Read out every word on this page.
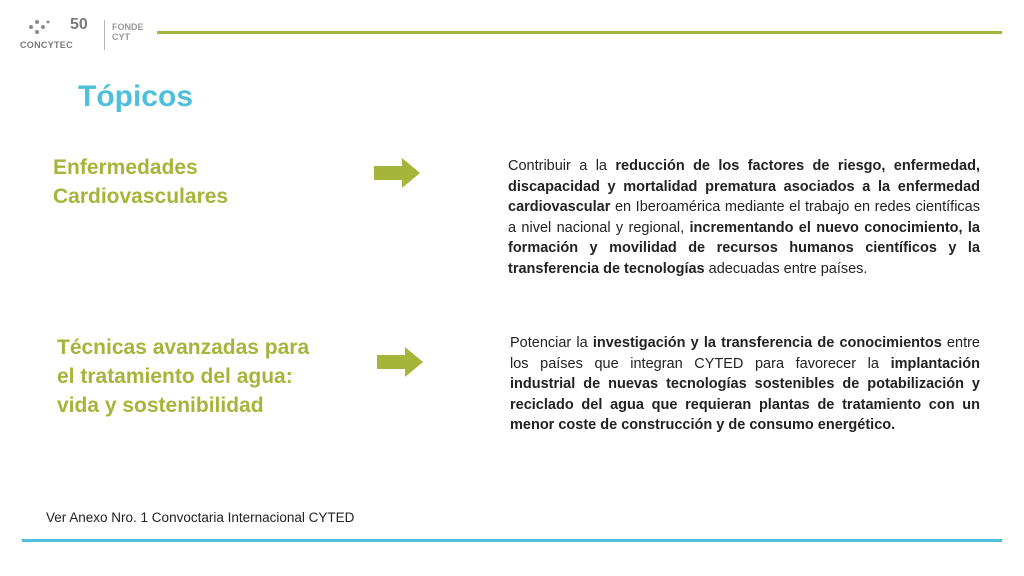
50
CONCYTEC
FONDE
CYT
Tópicos
Enfermedades Cardiovasculares

Contribuir a la reducción de los factores de riesgo, enfermedad, discapacidad y mortalidad prematura asociados a la enfermedad cardiovascular en Iberoamérica mediante el trabajo en redes científicas a nivel nacional y regional, incrementando el nuevo conocimiento, la formación y movilidad de recursos humanos científicos y la transferencia de tecnologías adecuadas entre países.

Técnicas avanzadas para el tratamiento del agua: vida y sostenibilidad

Potenciar la investigación y la transferencia de conocimientos entre los países que integran CYTED para favorecer la implantación industrial de nuevas tecnologías sostenibles de potabilización y reciclado del agua que requieran plantas de tratamiento con un menor coste de construcción y de consumo energético.

Ver Anexo Nro. 1 Convoctaria Internacional CYTED
